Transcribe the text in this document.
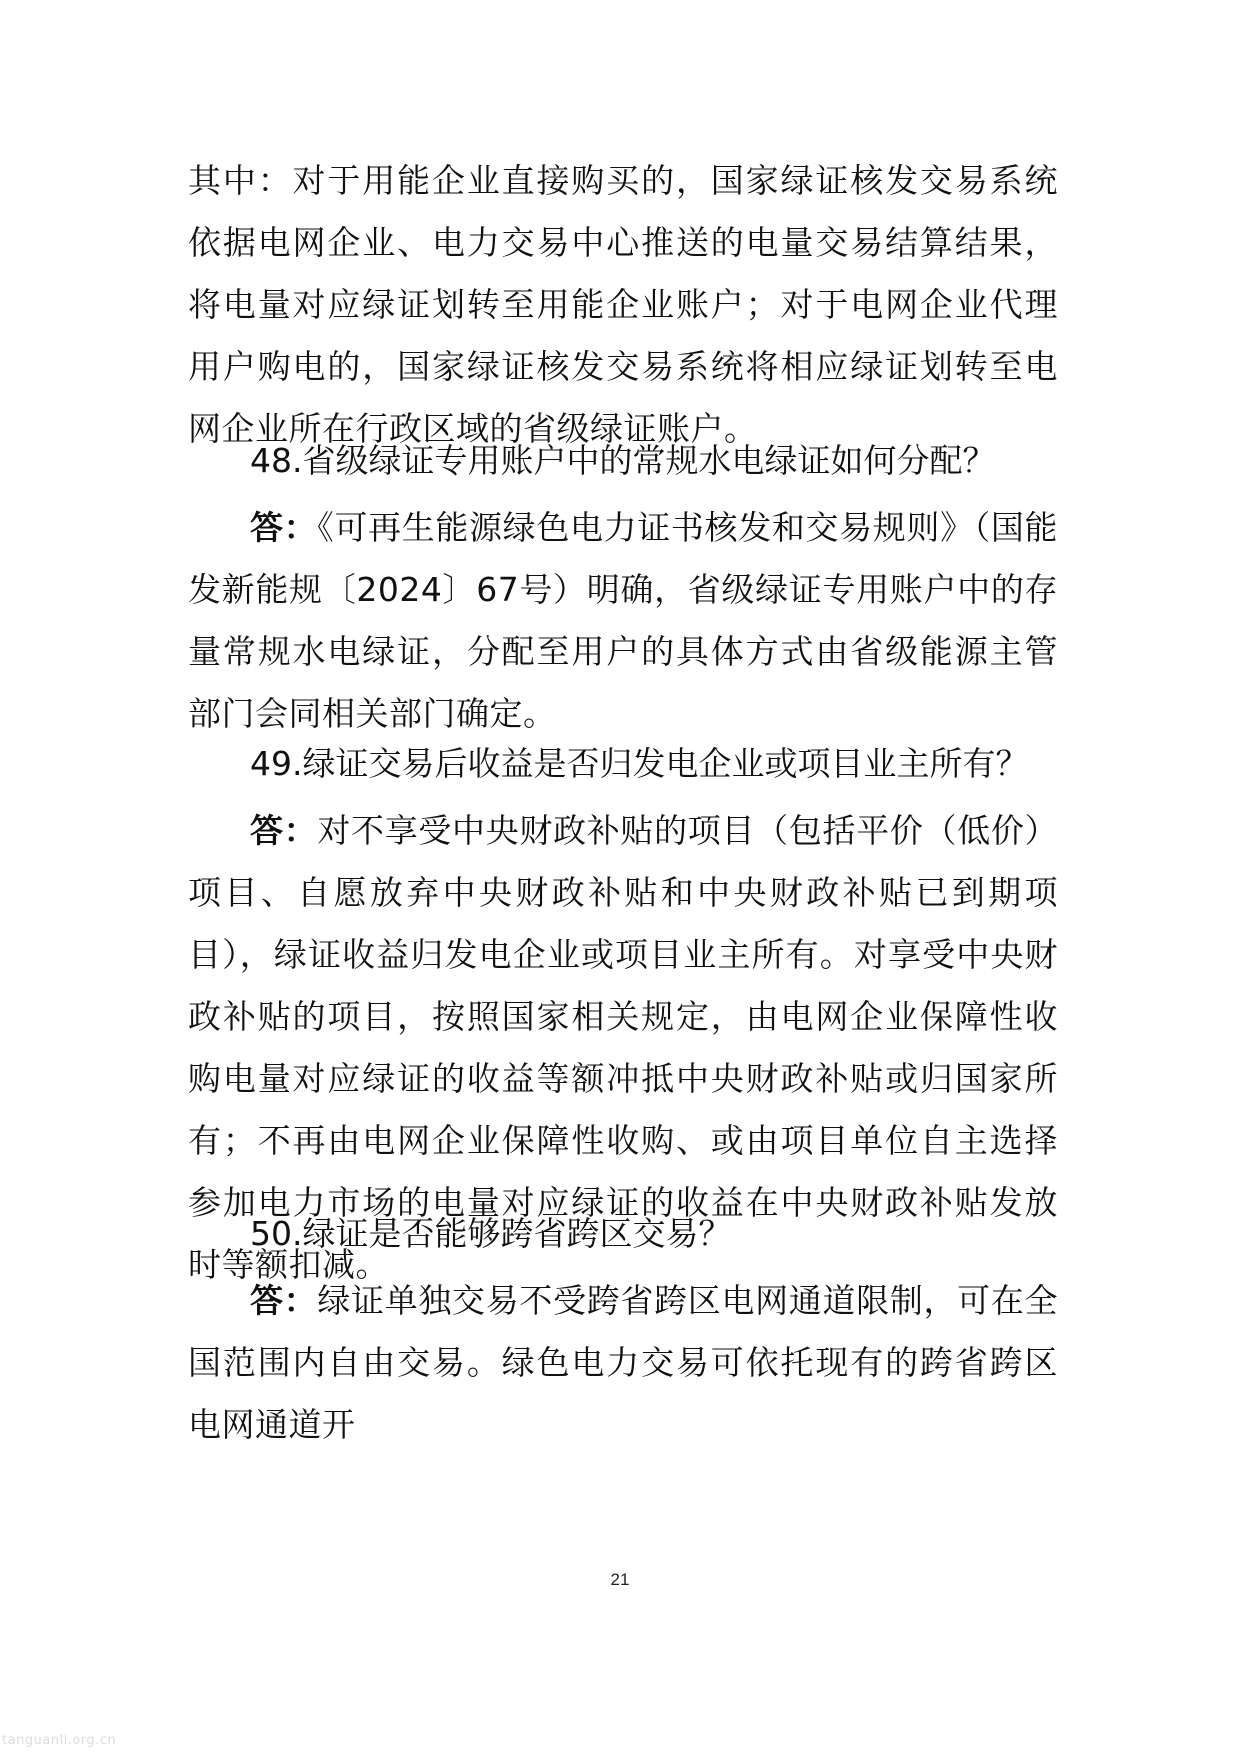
其中：对于用能企业直接购买的，国家绿证核发交易系统依据电网企业、电力交易中心推送的电量交易结算结果，将电量对应绿证划转至用能企业账户；对于电网企业代理用户购电的，国家绿证核发交易系统将相应绿证划转至电网企业所在行政区域的省级绿证账户。

48.省级绿证专用账户中的常规水电绿证如何分配？

答：《可再生能源绿色电力证书核发和交易规则》（国能发新能规〔2024〕67号）明确，省级绿证专用账户中的存量常规水电绿证，分配至用户的具体方式由省级能源主管部门会同相关部门确定。

49.绿证交易后收益是否归发电企业或项目业主所有？

答：对不享受中央财政补贴的项目（包括平价（低价）项目、自愿放弃中央财政补贴和中央财政补贴已到期项目），绿证收益归发电企业或项目业主所有。对享受中央财政补贴的项目，按照国家相关规定，由电网企业保障性收购电量对应绿证的收益等额冲抵中央财政补贴或归国家所有；不再由电网企业保障性收购、或由项目单位自主选择参加电力市场的电量对应绿证的收益在中央财政补贴发放时等额扣减。

50.绿证是否能够跨省跨区交易？

答：绿证单独交易不受跨省跨区电网通道限制，可在全国范围内自由交易。绿色电力交易可依托现有的跨省跨区电网通道开

21
tanguanli.org.cn
